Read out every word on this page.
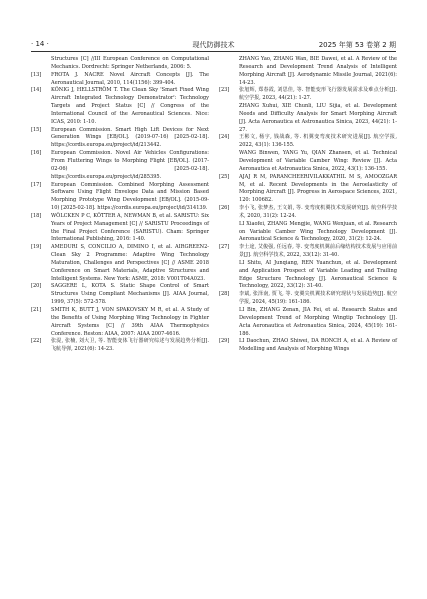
· 14 ·	现代防御技术	2025 年第 53 卷第 2 期
Structures [C] //III European Conference on Computational Mechanics. Dordrecht: Springer Netherlands, 2006: 5.
[13] FROTA J. NACRE Novel Aircraft Concepts [J]. The Aeronautical Journal, 2010, 114(1156): 399-404.
[14] KÖNIG J, HELLSTRÖM T. The Clean Sky 'Smart Fixed Wing Aircraft Integrated Technology Demonstrator': Technology Targets and Project Status [C] // Congress of the International Council of the Aeronautical Sciences. Nice: ICAS, 2010: 1-10.
[15] European Commission. Smart High Lift Devices for Next Generation Wings [EB/OL]. (2019-07-16) [2025-02-18]. https://cordis.europa.eu/project/id/213442.
[16] European Commission. Novel Air Vehicles Configurations: From Fluttering Wings to Morphing Flight [EB/OL]. (2017-02-06) [2025-02-18]. https://cordis.europa.eu/project/id/285395.
[17] European Commission. Combined Morphing Assessment Software Using Flight Envelope Data and Mission Based Morphing Prototype Wing Development [EB/OL]. (2015-09-10) [2025-02-18]. https://cordis.europa.eu/project/id/314139.
[18] WÖLCKEN P C, KÖTTER A, NEWMAN B, et al. SARISTU: Six Years of Project Management [C] // SARISTU Proceedings of the Final Project Conference (SARISTU). Cham: Springer International Publishing, 2016: 1-40.
[19] AMEDURI S, CONCILIO A, DIMINO I, et al. AIRGREEN2-Clean Sky 2 Programme: Adaptive Wing Technology Maturation, Challenges and Perspectives [C] // ASME 2018 Conference on Smart Materials, Adaptive Structures and Intelligent Systems. New York: ASME, 2018: V001T04A023.
[20] SAGGERE L, KOTA S. Static Shape Control of Smart Structures Using Compliant Mechanisms [J]. AIAA Journal, 1999, 37(5): 572-578.
[21] SMITH K, BUTT J, VON SPAKOVSKY M R, et al. A Study of the Benefits of Using Morphing Wing Technology in Fighter Aircraft Systems [C] // 39th AIAA Thermophysics Conference. Reston: AIAA, 2007: AIAA 2007-4616.
[22] 张湜, 张楠, 刘大卫, 等. 智能变体飞行器研究综述与发展趋势分析[J]. 飞航导弹, 2021(6): 14-23.
ZHANG Yao, ZHANG Wan, BIE Dawei, et al. A Review of the Research and Development Trend Analysis of Intelligent Morphing Aircraft [J]. Aerodynamic Missile Journal, 2021(6): 14-23.
[23] 张旭辉, 郑春霞, 刘思佳, 等. 智能变形飞行器发展需求及难点分析[J]. 航空学报, 2023, 44(21): 1-27.
ZHANG Xuhui, XIE Chunli, LIU Sijia, et al. Development Needs and Difficulty Analysis for Smart Morphing Aircraft [J]. Acta Aeronautica et Astronautica Sinica, 2023, 44(21): 1-27.
[24] 王彬文, 杨宇, 钱战森, 等. 机翼变弯度技术研究进展[J]. 航空学报, 2022, 43(1): 136-155.
WANG Binwen, YANG Yu, QIAN Zhansen, et al. Technical Development of Variable Camber Wing: Review [J]. Acta Aeronautica et Astronautica Sinica, 2022, 43(1): 136-155.
[25] AJAJ R M, PARANCHEERIVILAKKATHIL M S, AMOOZGAR M, et al. Recent Developments in the Aeroelasticity of Morphing Aircraft [J]. Progress in Aerospace Sciences, 2021, 120: 100682.
[26] 李小飞, 张梦杰, 王文娟, 等. 变弯度机翼技术发展研究[J]. 航空科学技术, 2020, 31(2): 12-24.
LI Xiaofei, ZHANG Mengjie, WANG Wenjuan, et al. Research on Variable Camber Wing Technology Development [J]. Aeronautical Science & Technology, 2020, 31(2): 12-24.
[27] 李士途, 艾俊强, 任远春, 等. 变弯度机翼前后缘结构技术发展与应用前景[J]. 航空科学技术, 2022, 33(12): 31-40.
LI Shitu, AI Junqiang, REN Yuanchun, et al. Development and Application Prospect of Variable Leading and Trailing Edge Structure Technology [J]. Aeronautical Science & Technology, 2022, 33(12): 31-40.
[28] 李斌, 张泽南, 贾飞, 等. 变翼尖机翼技术研究现状与发展趋势[J]. 航空学报, 2024, 45(19): 161-186.
LI Bin, ZHANG Zenan, JIA Fei, et al. Research Status and Development Trend of Morphing Wingtip Technology [J]. Acta Aeronautica et Astronautica Sinica, 2024, 45(19): 161-186.
[29] LI Daochun, ZHAO Shiwei, DA RONCH A, et al. A Review of Modelling and Analysis of Morphing Wings
